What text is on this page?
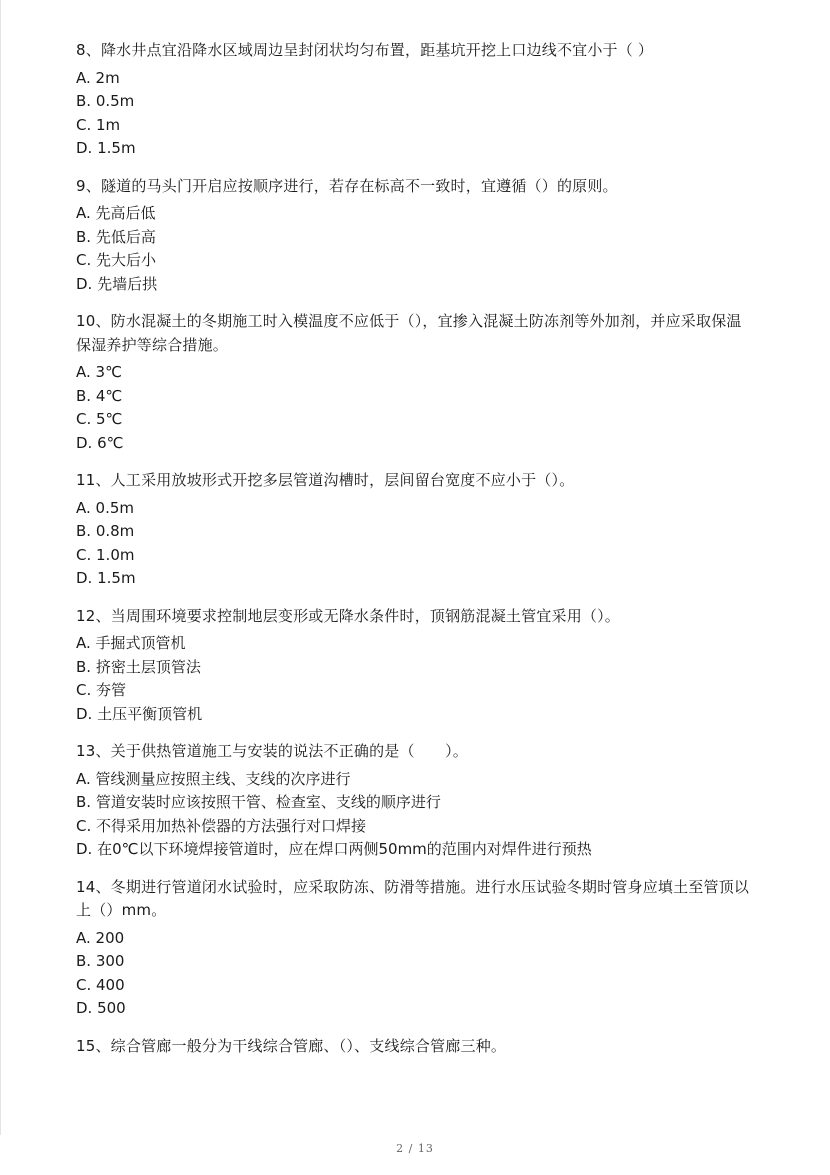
8、降水井点宜沿降水区域周边呈封闭状均匀布置，距基坑开挖上口边线不宜小于（ ）
A. 2m
B. 0.5m
C. 1m
D. 1.5m
9、隧道的马头门开启应按顺序进行，若存在标高不一致时，宜遵循（）的原则。
A. 先高后低
B. 先低后高
C. 先大后小
D. 先墙后拱
10、防水混凝土的冬期施工时入模温度不应低于（），宜掺入混凝土防冻剂等外加剂，并应采取保温保湿养护等综合措施。
A. 3℃
B. 4℃
C. 5℃
D. 6℃
11、人工采用放坡形式开挖多层管道沟槽时，层间留台宽度不应小于（）。
A. 0.5m
B. 0.8m
C. 1.0m
D. 1.5m
12、当周围环境要求控制地层变形或无降水条件时，顶钢筋混凝土管宜采用（）。
A. 手掘式顶管机
B. 挤密土层顶管法
C. 夯管
D. 土压平衡顶管机
13、关于供热管道施工与安装的说法不正确的是（　　）。
A. 管线测量应按照主线、支线的次序进行
B. 管道安装时应该按照干管、检查室、支线的顺序进行
C. 不得采用加热补偿器的方法强行对口焊接
D. 在0℃以下环境焊接管道时，应在焊口两侧50mm的范围内对焊件进行预热
14、冬期进行管道闭水试验时，应采取防冻、防滑等措施。进行水压试验冬期时管身应填土至管顶以上（）mm。
A. 200
B. 300
C. 400
D. 500
15、综合管廊一般分为干线综合管廊、（）、支线综合管廊三种。
2 / 13
